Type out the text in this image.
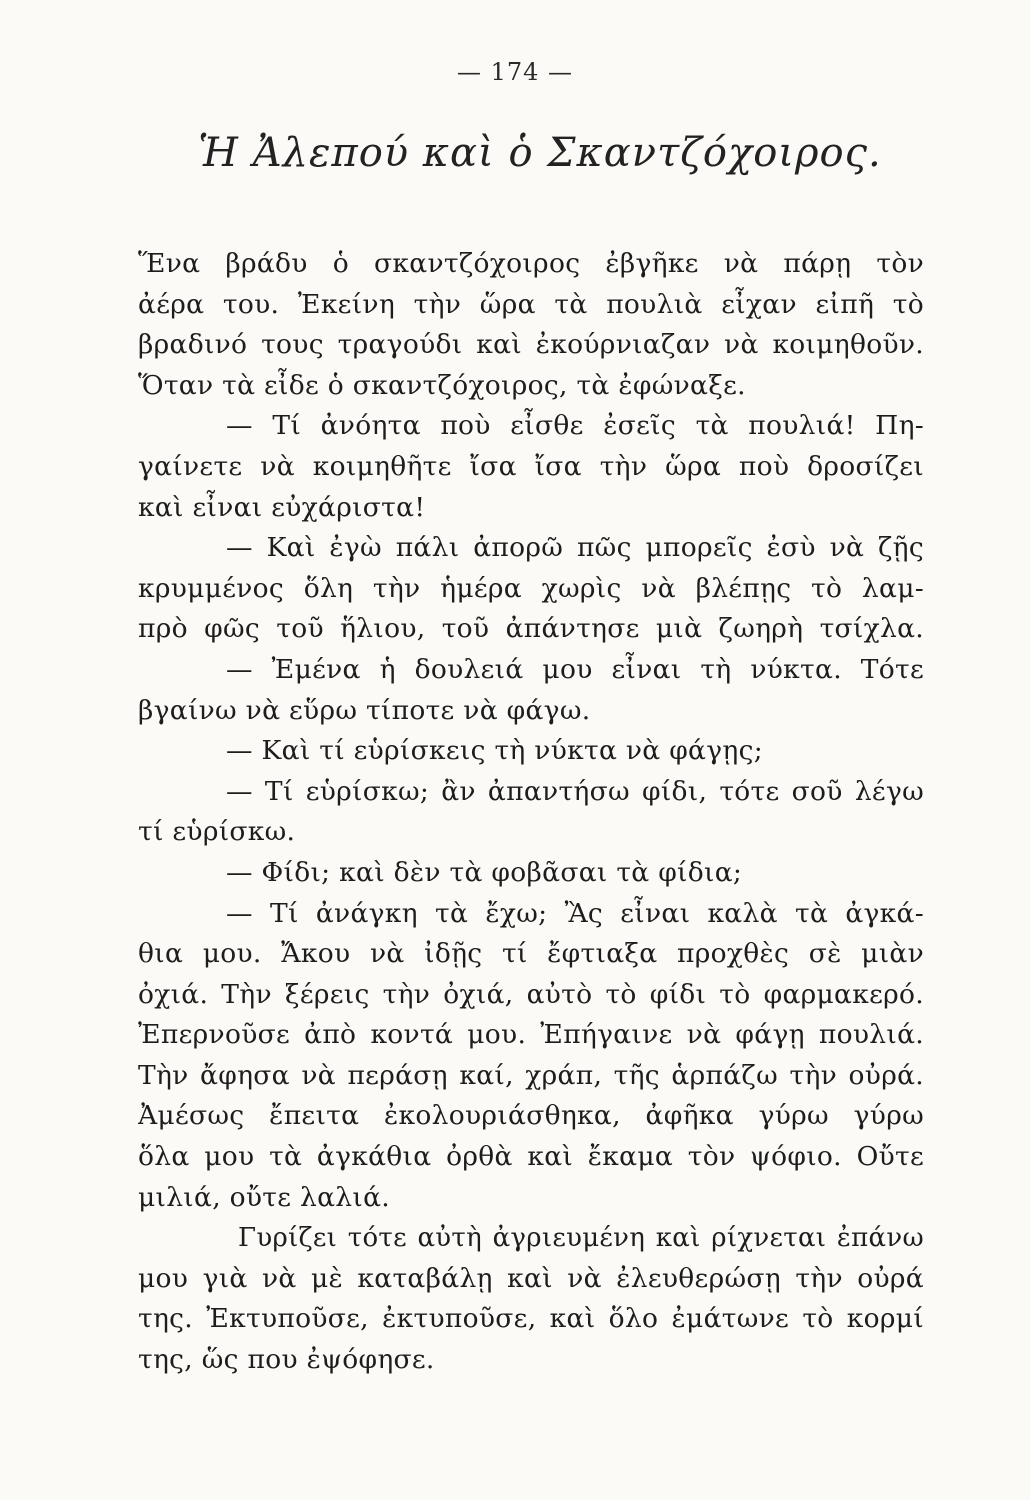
— 174 —
Ἡ Ἀλεπού καὶ ὁ Σκαντζόχοιρος.
Ἕνα βράδυ ὁ σκαντζόχοιρος ἐβγῆκε νὰ πάρῃ τὸν
ἀέρα του. Ἐκείνη τὴν ὥρα τὰ πουλιὰ εἶχαν εἰπῆ τὸ
βραδινό τους τραγούδι καὶ ἐκούρνιαζαν νὰ κοιμηθοῦν.
Ὅταν τὰ εἶδε ὁ σκαντζόχοιρος, τὰ ἐφώναξε.
— Τί ἀνόητα ποὺ εἶσθε ἐσεῖς τὰ πουλιά! Πη-
γαίνετε νὰ κοιμηθῆτε ἴσα ἴσα τὴν ὥρα ποὺ δροσίζει
καὶ εἶναι εὐχάριστα!
— Καὶ ἐγὼ πάλι ἀπορῶ πῶς μπορεῖς ἐσὺ νὰ ζῇς
κρυμμένος ὅλη τὴν ἡμέρα χωρὶς νὰ βλέπῃς τὸ λαμ-
πρὸ φῶς τοῦ ἥλιου, τοῦ ἀπάντησε μιὰ ζωηρὴ τσίχλα.
— Ἐμένα ἡ δουλειά μου εἶναι τὴ νύκτα. Τότε
βγαίνω νὰ εὕρω τίποτε νὰ φάγω.
— Καὶ τί εὑρίσκεις τὴ νύκτα νὰ φάγῃς;
— Τί εὑρίσκω; ἂν ἀπαντήσω φίδι, τότε σοῦ λέγω
τί εὑρίσκω.
— Φίδι; καὶ δὲν τὰ φοβᾶσαι τὰ φίδια;
— Τί ἀνάγκη τὰ ἔχω; Ἂς εἶναι καλὰ τὰ ἀγκά-
θια μου. Ἄκου νὰ ἰδῇς τί ἔφτιαξα προχθὲς σὲ μιὰν
ὀχιά. Τὴν ξέρεις τὴν ὀχιά, αὐτὸ τὸ φίδι τὸ φαρμακερό.
Ἐπερνοῦσε ἀπὸ κοντά μου. Ἐπήγαινε νὰ φάγῃ πουλιά.
Τὴν ἄφησα νὰ περάσῃ καί, χράπ, τῆς ἁρπάζω τὴν οὐρά.
Ἀμέσως ἔπειτα ἐκολουριάσθηκα, ἀφῆκα γύρω γύρω
ὅλα μου τὰ ἀγκάθια ὀρθὰ καὶ ἔκαμα τὸν ψόφιο. Οὔτε
μιλιά, οὔτε λαλιά.
Γυρίζει τότε αὐτὴ ἀγριευμένη καὶ ρίχνεται ἐπάνω
μου γιὰ νὰ μὲ καταβάλῃ καὶ νὰ ἐλευθερώσῃ τὴν οὐρά
της. Ἐκτυποῦσε, ἐκτυποῦσε, καὶ ὅλο ἐμάτωνε τὸ κορμί
της, ὥς που ἐψόφησε.
